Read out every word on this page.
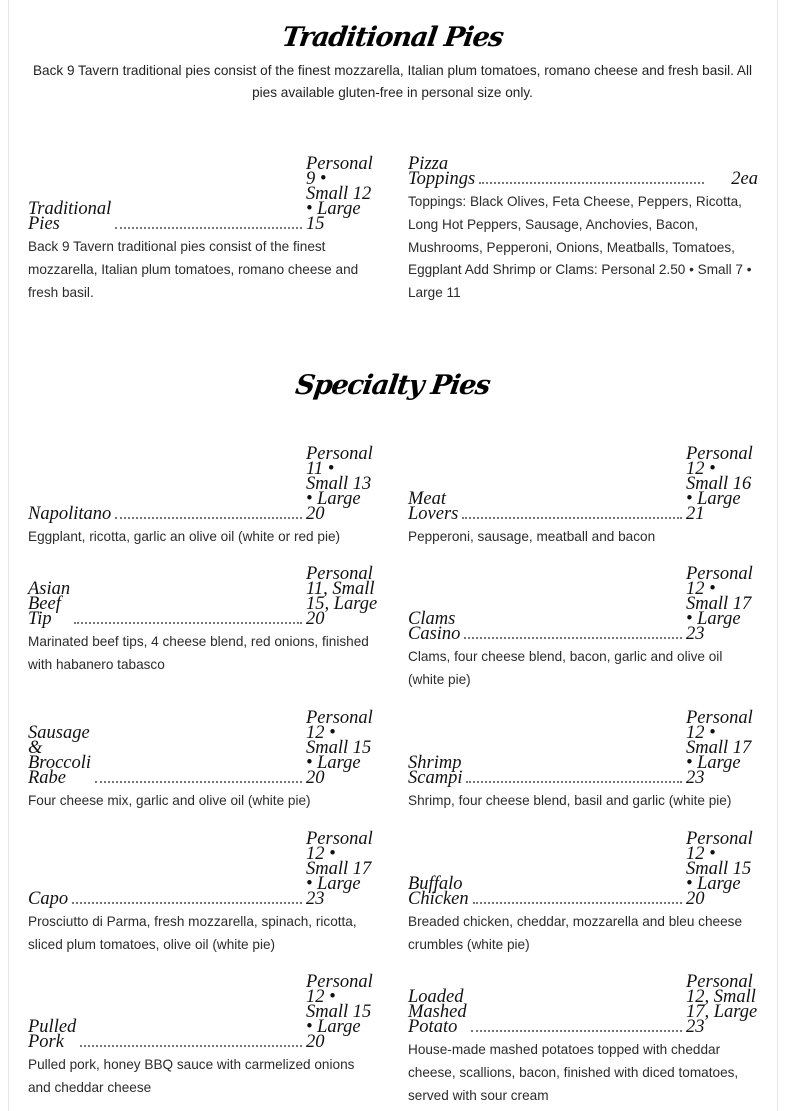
Traditional Pies

Back 9 Tavern traditional pies consist of the finest mozzarella, Italian plum tomatoes, romano cheese and fresh basil. All pies available gluten-free in personal size only.

Traditional
Pies
Personal
9 •
Small 12
• Large
15
Back 9 Tavern traditional pies consist of the finest mozzarella, Italian plum tomatoes, romano cheese and fresh basil.
Pizza
Toppings	2ea
Toppings: Black Olives, Feta Cheese, Peppers, Ricotta, Long Hot Peppers, Sausage, Anchovies, Bacon, Mushrooms, Pepperoni, Onions, Meatballs, Tomatoes, Eggplant Add Shrimp or Clams: Personal 2.50 • Small 7 • Large 11
Specialty Pies
Napolitano
Personal
11 •
Small 13
• Large
20
Eggplant, ricotta, garlic an olive oil (white or red pie)
Meat
Lovers
Personal
12 •
Small 16
• Large
21
Pepperoni, sausage, meatball and bacon
Asian
Beef
Tip
Personal
11, Small
15, Large
20
Marinated beef tips, 4 cheese blend, red onions, finished with habanero tabasco
Clams
Casino
Personal
12 •
Small 17
• Large
23
Clams, four cheese blend, bacon, garlic and olive oil (white pie)
Sausage
&
Broccoli
Rabe
Personal
12 •
Small 15
• Large
20
Four cheese mix, garlic and olive oil (white pie)
Shrimp
Scampi
Personal
12 •
Small 17
• Large
23
Shrimp, four cheese blend, basil and garlic (white pie)
Capo
Personal
12 •
Small 17
• Large
23
Prosciutto di Parma, fresh mozzarella, spinach, ricotta, sliced plum tomatoes, olive oil (white pie)
Buffalo
Chicken
Personal
12 •
Small 15
• Large
20
Breaded chicken, cheddar, mozzarella and bleu cheese crumbles (white pie)
Pulled
Pork
Personal
12 •
Small 15
• Large
20
Pulled pork, honey BBQ sauce with carmelized onions and cheddar cheese
Loaded
Mashed
Potato
Personal
12, Small
17, Large
23
House-made mashed potatoes topped with cheddar cheese, scallions, bacon, finished with diced tomatoes, served with sour cream
